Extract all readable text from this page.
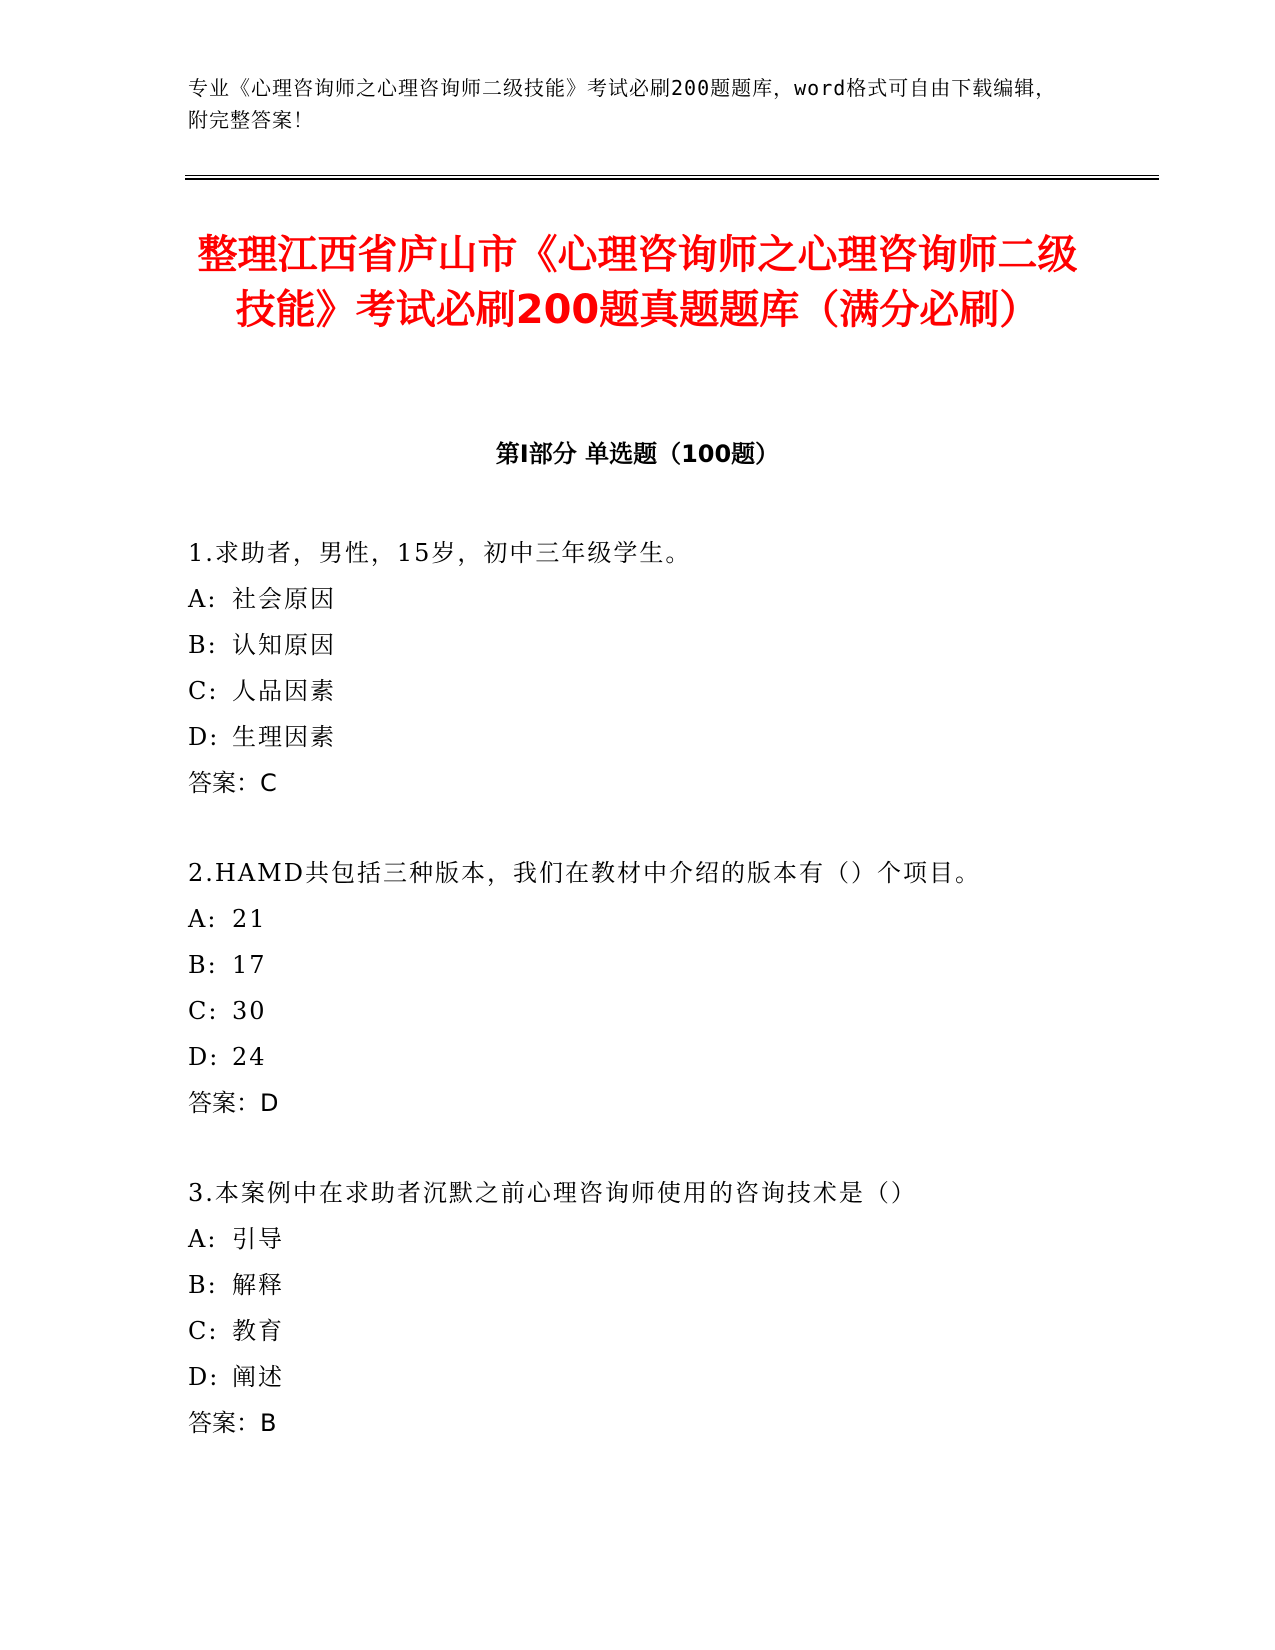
专业《心理咨询师之心理咨询师二级技能》考试必刷200题题库，word格式可自由下载编辑，附完整答案！
整理江西省庐山市《心理咨询师之心理咨询师二级技能》考试必刷200题真题题库（满分必刷）
第Ⅰ部分 单选题（100题）
1.求助者，男性，15岁，初中三年级学生。
A: 社会原因
B: 认知原因
C: 人品因素
D: 生理因素
答案：C
2.HAMD共包括三种版本，我们在教材中介绍的版本有（）个项目。
A: 21
B: 17
C: 30
D: 24
答案：D
3.本案例中在求助者沉默之前心理咨询师使用的咨询技术是（）
A: 引导
B: 解释
C: 教育
D: 阐述
答案：B
